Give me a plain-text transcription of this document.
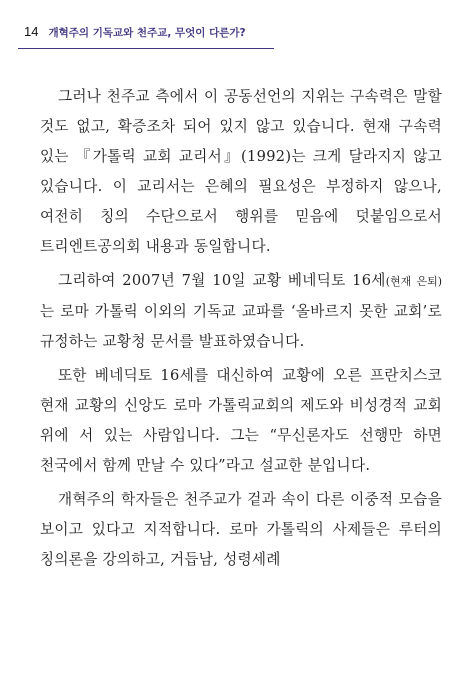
14 개혁주의 기독교와 천주교, 무엇이 다른가?

그러나 천주교 측에서 이 공동선언의 지위는 구속력은 말할 것도 없고, 확증조차 되어 있지 않고 있습니다. 현재 구속력 있는 『가톨릭 교회 교리서』(1992)는 크게 달라지지 않고 있습니다. 이 교리서는 은혜의 필요성은 부정하지 않으나, 여전히 칭의 수단으로서 행위를 믿음에 덧붙임으로서 트리엔트공의회 내용과 동일합니다.

그리하여 2007년 7월 10일 교황 베네딕토 16세(현재 은퇴)는 로마 가톨릭 이외의 기독교 교파를 ‘올바르지 못한 교회’로 규정하는 교황청 문서를 발표하였습니다.

또한 베네딕토 16세를 대신하여 교황에 오른 프란치스코 현재 교황의 신앙도 로마 가톨릭교회의 제도와 비성경적 교회 위에 서 있는 사람입니다. 그는 “무신론자도 선행만 하면 천국에서 함께 만날 수 있다”라고 설교한 분입니다.

개혁주의 학자들은 천주교가 겉과 속이 다른 이중적 모습을 보이고 있다고 지적합니다. 로마 가톨릭의 사제들은 루터의 칭의론을 강의하고, 거듭남, 성령세례
